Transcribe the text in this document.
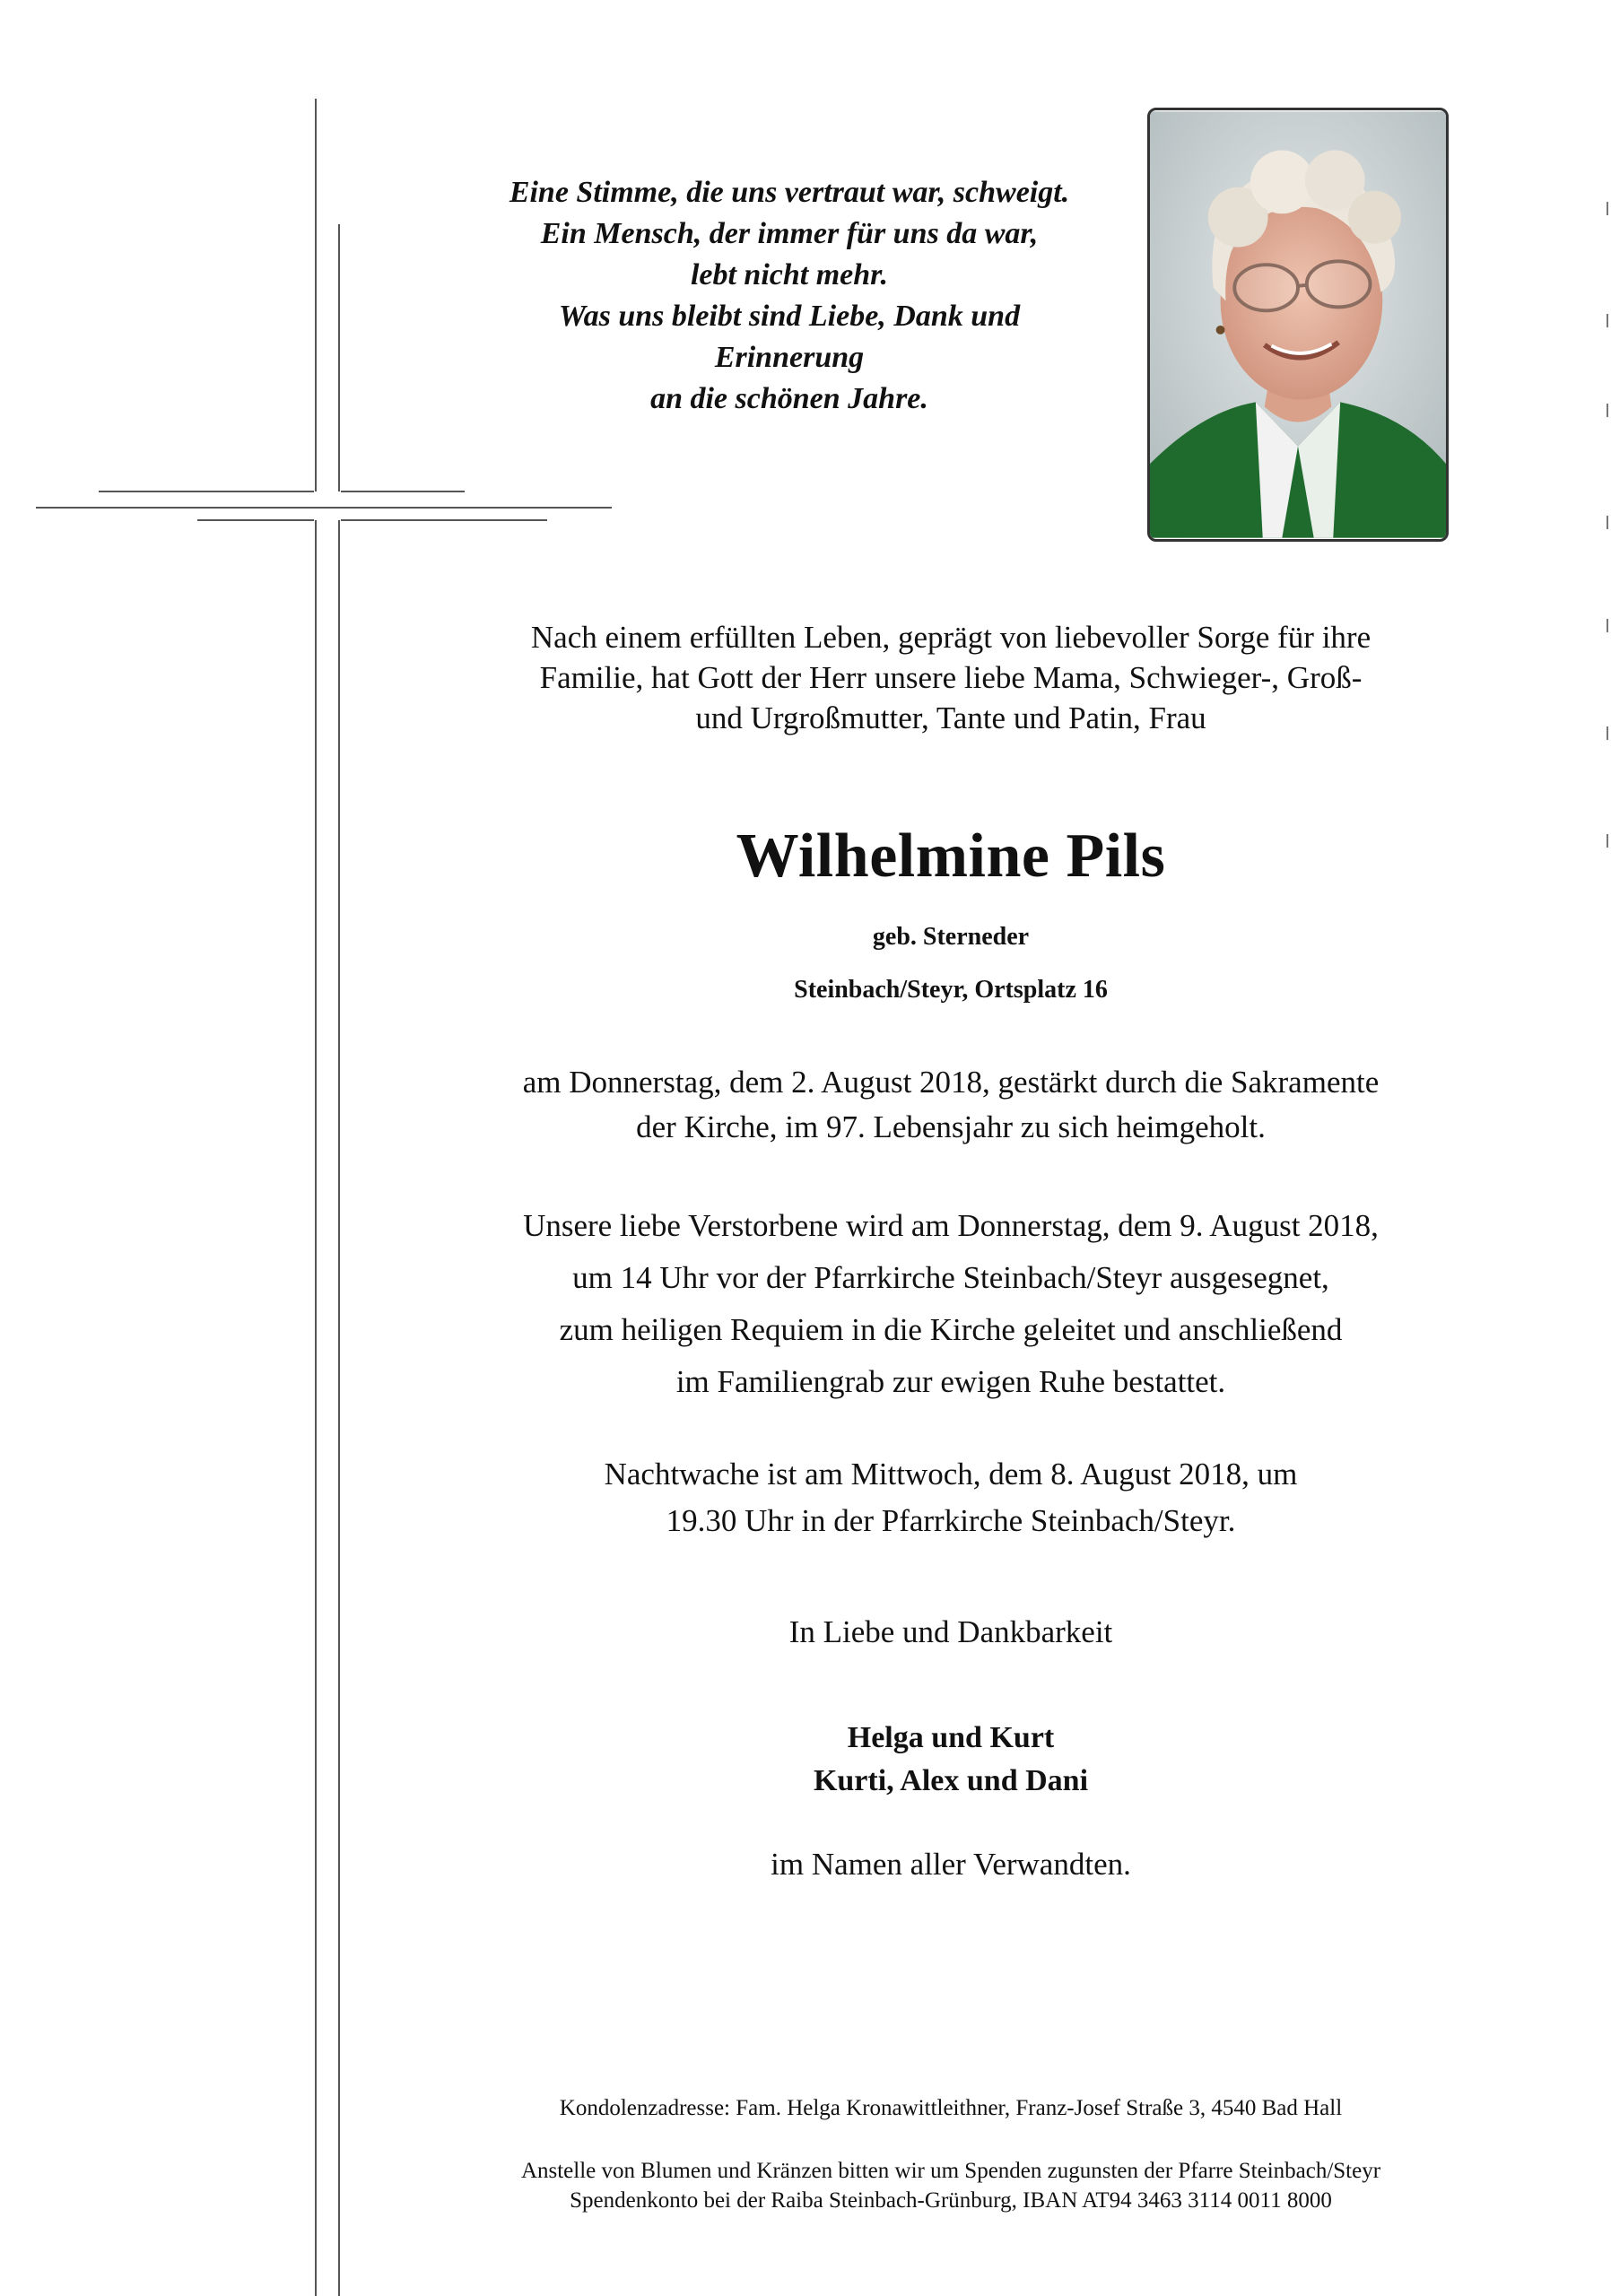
Eine Stimme, die uns vertraut war, schweigt.
Ein Mensch, der immer für uns da war,
lebt nicht mehr.
Was uns bleibt sind Liebe, Dank und
Erinnerung
an die schönen Jahre.
Nach einem erfüllten Leben, geprägt von liebevoller Sorge für ihre
Familie, hat Gott der Herr unsere liebe Mama, Schwieger-, Groß-
und Urgroßmutter, Tante und Patin, Frau
Wilhelmine Pils
geb. Sterneder
Steinbach/Steyr, Ortsplatz 16
am Donnerstag, dem 2. August 2018, gestärkt durch die Sakramente
der Kirche, im 97. Lebensjahr zu sich heimgeholt.
Unsere liebe Verstorbene wird am Donnerstag, dem 9. August 2018,
um 14 Uhr vor der Pfarrkirche Steinbach/Steyr ausgesegnet,
zum heiligen Requiem in die Kirche geleitet und anschließend
im Familiengrab zur ewigen Ruhe bestattet.
Nachtwache ist am Mittwoch, dem 8. August 2018, um
19.30 Uhr in der Pfarrkirche Steinbach/Steyr.
In Liebe und Dankbarkeit
Helga und Kurt
Kurti, Alex und Dani
im Namen aller Verwandten.
Kondolenzadresse: Fam. Helga Kronawittleithner, Franz-Josef Straße 3, 4540 Bad Hall
Anstelle von Blumen und Kränzen bitten wir um Spenden zugunsten der Pfarre Steinbach/Steyr
Spendenkonto bei der Raiba Steinbach-Grünburg, IBAN AT94 3463 3114 0011 8000
